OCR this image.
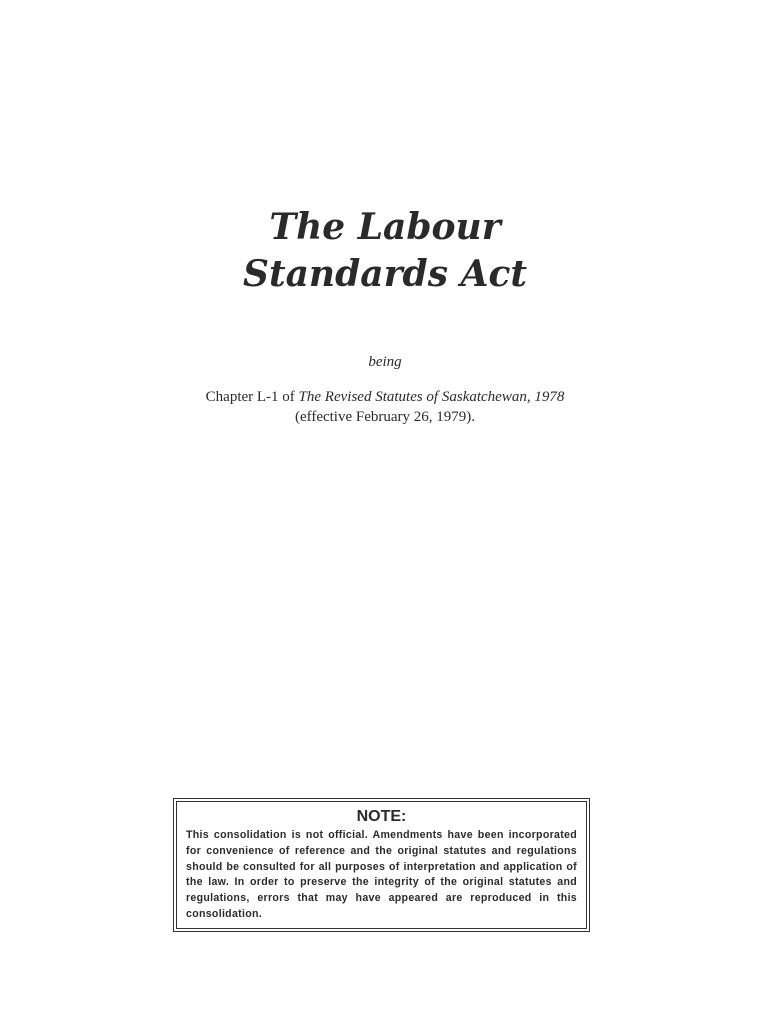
The Labour
Standards Act
being
Chapter L-1 of The Revised Statutes of Saskatchewan, 1978
(effective February 26, 1979).
NOTE:
This consolidation is not official. Amendments have been incorporated for convenience of reference and the original statutes and regulations should be consulted for all purposes of interpretation and application of the law. In order to preserve the integrity of the original statutes and regulations, errors that may have appeared are reproduced in this consolidation.
